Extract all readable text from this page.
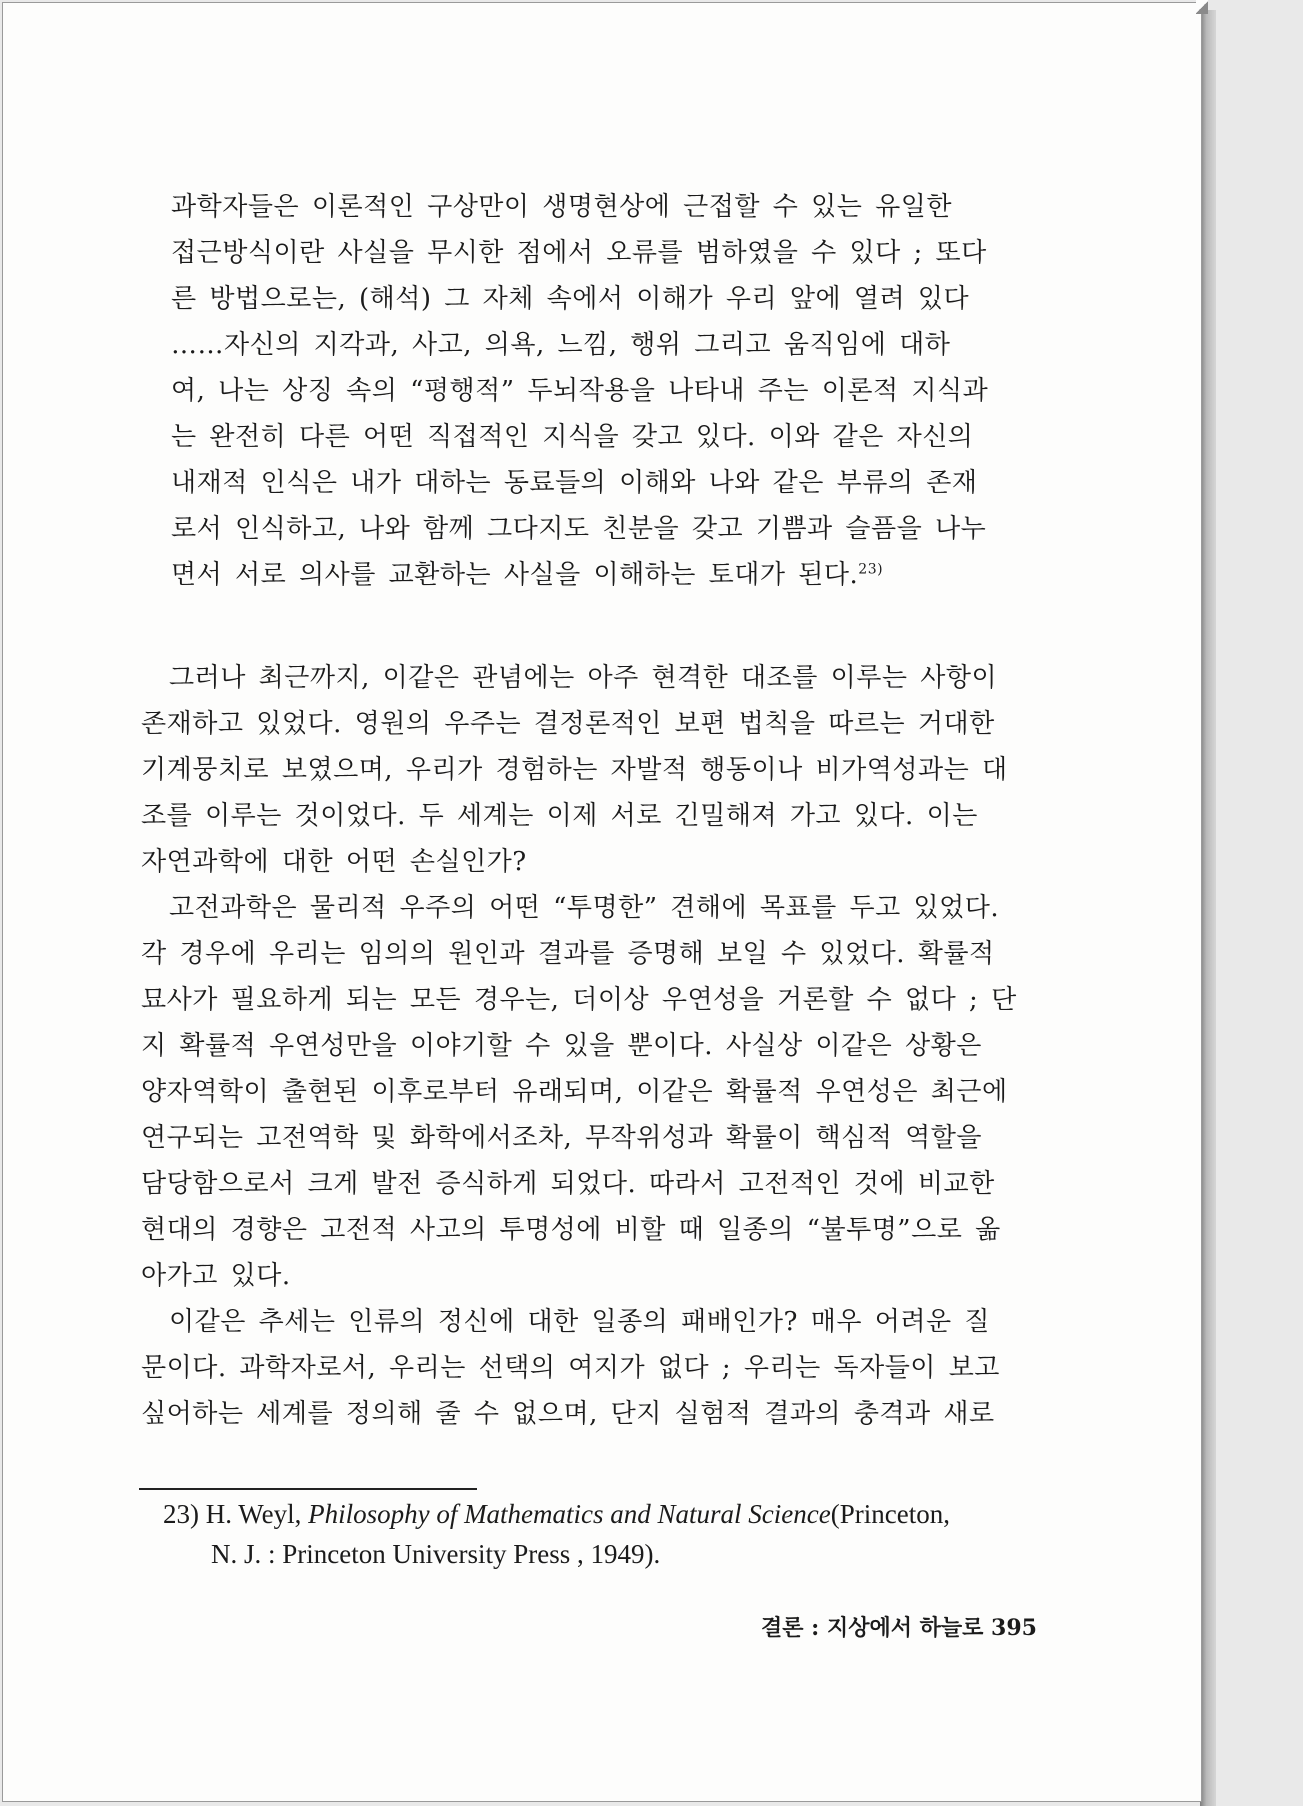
과학자들은 이론적인 구상만이 생명현상에 근접할 수 있는 유일한
접근방식이란 사실을 무시한 점에서 오류를 범하였을 수 있다 ; 또다
른 방법으로는, (해석) 그 자체 속에서 이해가 우리 앞에 열려 있다
……자신의 지각과, 사고, 의욕, 느낌, 행위 그리고 움직임에 대하
여, 나는 상징 속의 “평행적” 두뇌작용을 나타내 주는 이론적 지식과
는 완전히 다른 어떤 직접적인 지식을 갖고 있다. 이와 같은 자신의
내재적 인식은 내가 대하는 동료들의 이해와 나와 같은 부류의 존재
로서 인식하고, 나와 함께 그다지도 친분을 갖고 기쁨과 슬픔을 나누
면서 서로 의사를 교환하는 사실을 이해하는 토대가 된다.$^{23)}$
그러나 최근까지, 이같은 관념에는 아주 현격한 대조를 이루는 사항이
존재하고 있었다. 영원의 우주는 결정론적인 보편 법칙을 따르는 거대한
기계뭉치로 보였으며, 우리가 경험하는 자발적 행동이나 비가역성과는 대
조를 이루는 것이었다. 두 세계는 이제 서로 긴밀해져 가고 있다. 이는
자연과학에 대한 어떤 손실인가?
고전과학은 물리적 우주의 어떤 “투명한” 견해에 목표를 두고 있었다.
각 경우에 우리는 임의의 원인과 결과를 증명해 보일 수 있었다. 확률적
묘사가 필요하게 되는 모든 경우는, 더이상 우연성을 거론할 수 없다 ; 단
지 확률적 우연성만을 이야기할 수 있을 뿐이다. 사실상 이같은 상황은
양자역학이 출현된 이후로부터 유래되며, 이같은 확률적 우연성은 최근에
연구되는 고전역학 및 화학에서조차, 무작위성과 확률이 핵심적 역할을
담당함으로서 크게 발전 증식하게 되었다. 따라서 고전적인 것에 비교한
현대의 경향은 고전적 사고의 투명성에 비할 때 일종의 “불투명”으로 옮
아가고 있다.
이같은 추세는 인류의 정신에 대한 일종의 패배인가? 매우 어려운 질
문이다. 과학자로서, 우리는 선택의 여지가 없다 ; 우리는 독자들이 보고
싶어하는 세계를 정의해 줄 수 없으며, 단지 실험적 결과의 충격과 새로
23) H. Weyl, Philosophy of Mathematics and Natural Science(Princeton,
N. J. : Princeton University Press , 1949).
결론 : 지상에서 하늘로 395
